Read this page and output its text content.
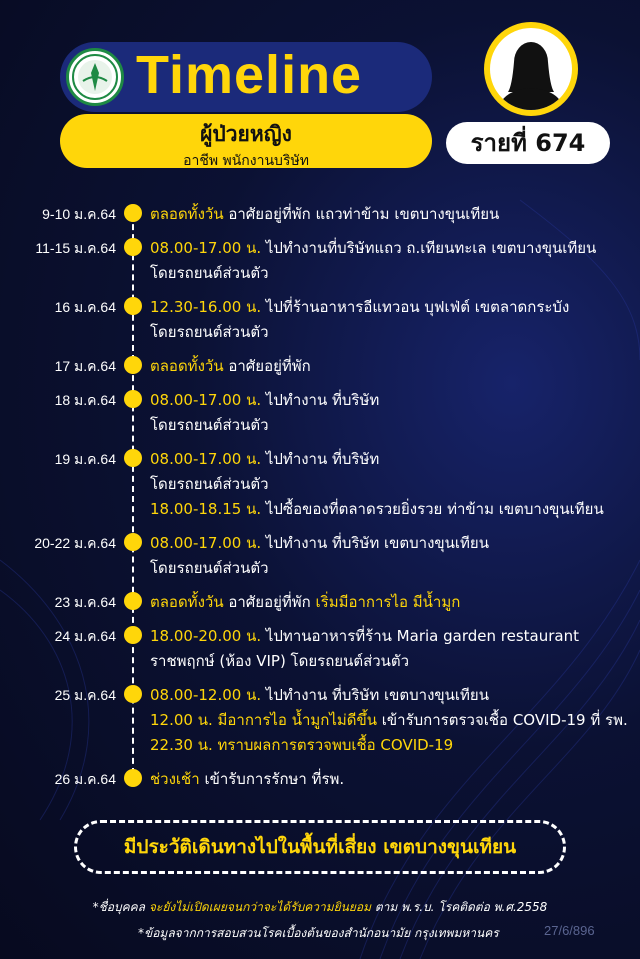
Timeline
ผู้ป่วยหญิง
อาชีพ พนักงานบริษัท
รายที่ 674
9-10 ม.ค.64 ตลอดทั้งวัน อาศัยอยู่ที่พัก แถวท่าข้าม เขตบางขุนเทียน
11-15 ม.ค.64 08.00-17.00 น. ไปทำงานที่บริษัทแถว ถ.เทียนทะเล เขตบางขุนเทียน
โดยรถยนต์ส่วนตัว
16 ม.ค.64 12.30-16.00 น. ไปที่ร้านอาหารอีแทวอน บุฟเฟ่ต์ เขตลาดกระบัง
โดยรถยนต์ส่วนตัว
17 ม.ค.64 ตลอดทั้งวัน อาศัยอยู่ที่พัก
18 ม.ค.64 08.00-17.00 น. ไปทำงาน ที่บริษัท
โดยรถยนต์ส่วนตัว
19 ม.ค.64 08.00-17.00 น. ไปทำงาน ที่บริษัท
โดยรถยนต์ส่วนตัว
18.00-18.15 น. ไปซื้อของที่ตลาดรวยยิ่งรวย ท่าข้าม เขตบางขุนเทียน
20-22 ม.ค.64 08.00-17.00 น. ไปทำงาน ที่บริษัท เขตบางขุนเทียน
โดยรถยนต์ส่วนตัว
23 ม.ค.64 ตลอดทั้งวัน อาศัยอยู่ที่พัก เริ่มมีอาการไอ มีน้ำมูก
24 ม.ค.64 18.00-20.00 น. ไปทานอาหารที่ร้าน Maria garden restaurant
ราชพฤกษ์ (ห้อง VIP) โดยรถยนต์ส่วนตัว
25 ม.ค.64 08.00-12.00 น. ไปทำงาน ที่บริษัท เขตบางขุนเทียน
12.00 น. มีอาการไอ น้ำมูกไม่ดีขึ้น เข้ารับการตรวจเชื้อ COVID-19 ที่ รพ.
22.30 น. ทราบผลการตรวจพบเชื้อ COVID-19
26 ม.ค.64 ช่วงเช้า เข้ารับการรักษา ที่รพ.
มีประวัติเดินทางไปในพื้นที่เสี่ยง เขตบางขุนเทียน
*ชื่อบุคคล จะยังไม่เปิดเผยจนกว่าจะได้รับความยินยอม ตาม พ.ร.บ. โรคติดต่อ พ.ศ.2558
*ข้อมูลจากการสอบสวนโรคเบื้องต้นของสำนักอนามัย กรุงเทพมหานคร	27/6/896
